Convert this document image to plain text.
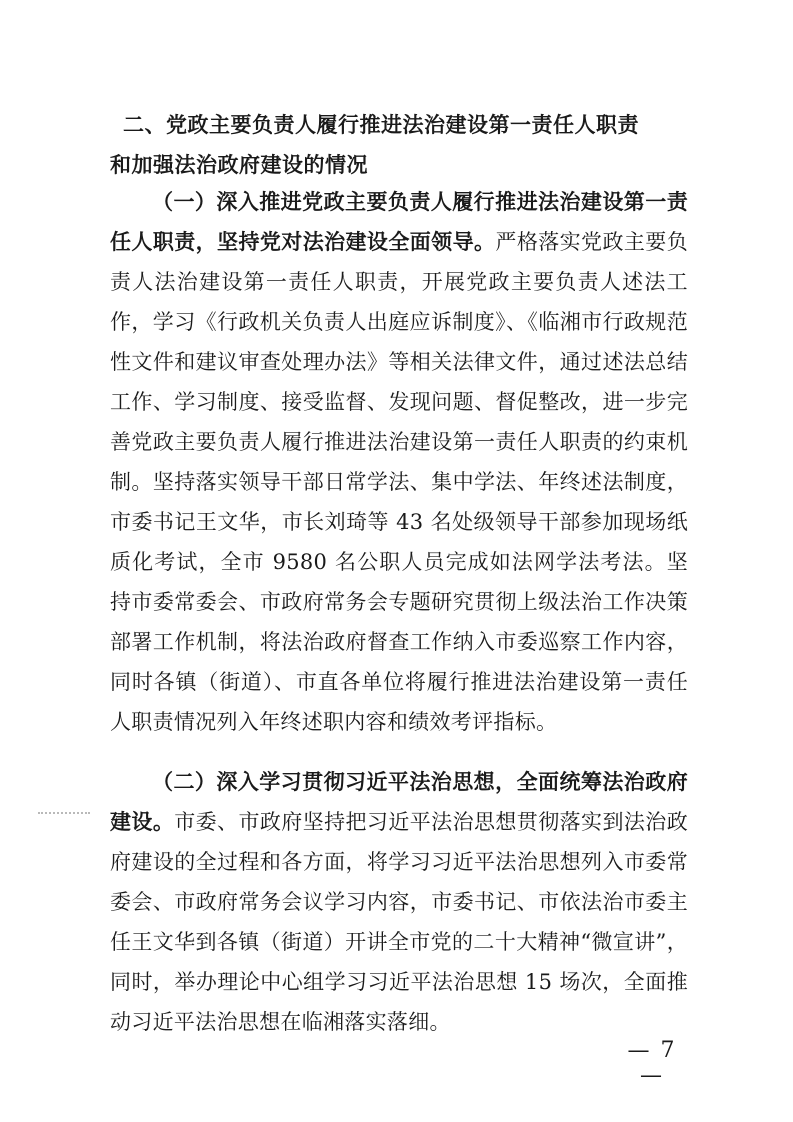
二、党政主要负责人履行推进法治建设第一责任人职责
和加强法治政府建设的情况

（一）深入推进党政主要负责人履行推进法治建设第一责任人职责，坚持党对法治建设全面领导。严格落实党政主要负责人法治建设第一责任人职责，开展党政主要负责人述法工作，学习《行政机关负责人出庭应诉制度》、《临湘市行政规范性文件和建议审查处理办法》等相关法律文件，通过述法总结工作、学习制度、接受监督、发现问题、督促整改，进一步完善党政主要负责人履行推进法治建设第一责任人职责的约束机制。坚持落实领导干部日常学法、集中学法、年终述法制度，市委书记王文华，市长刘琦等 43 名处级领导干部参加现场纸质化考试，全市 9580 名公职人员完成如法网学法考法。坚持市委常委会、市政府常务会专题研究贯彻上级法治工作决策部署工作机制，将法治政府督查工作纳入市委巡察工作内容，同时各镇（街道）、市直各单位将履行推进法治建设第一责任人职责情况列入年终述职内容和绩效考评指标。

（二）深入学习贯彻习近平法治思想，全面统筹法治政府建设。市委、市政府坚持把习近平法治思想贯彻落实到法治政府建设的全过程和各方面，将学习习近平法治思想列入市委常委会、市政府常务会议学习内容，市委书记、市依法治市委主任王文华到各镇（街道）开讲全市党的二十大精神“微宣讲”，同时，举办理论中心组学习习近平法治思想 15 场次，全面推动习近平法治思想在临湘落实落细。

— 7 —
